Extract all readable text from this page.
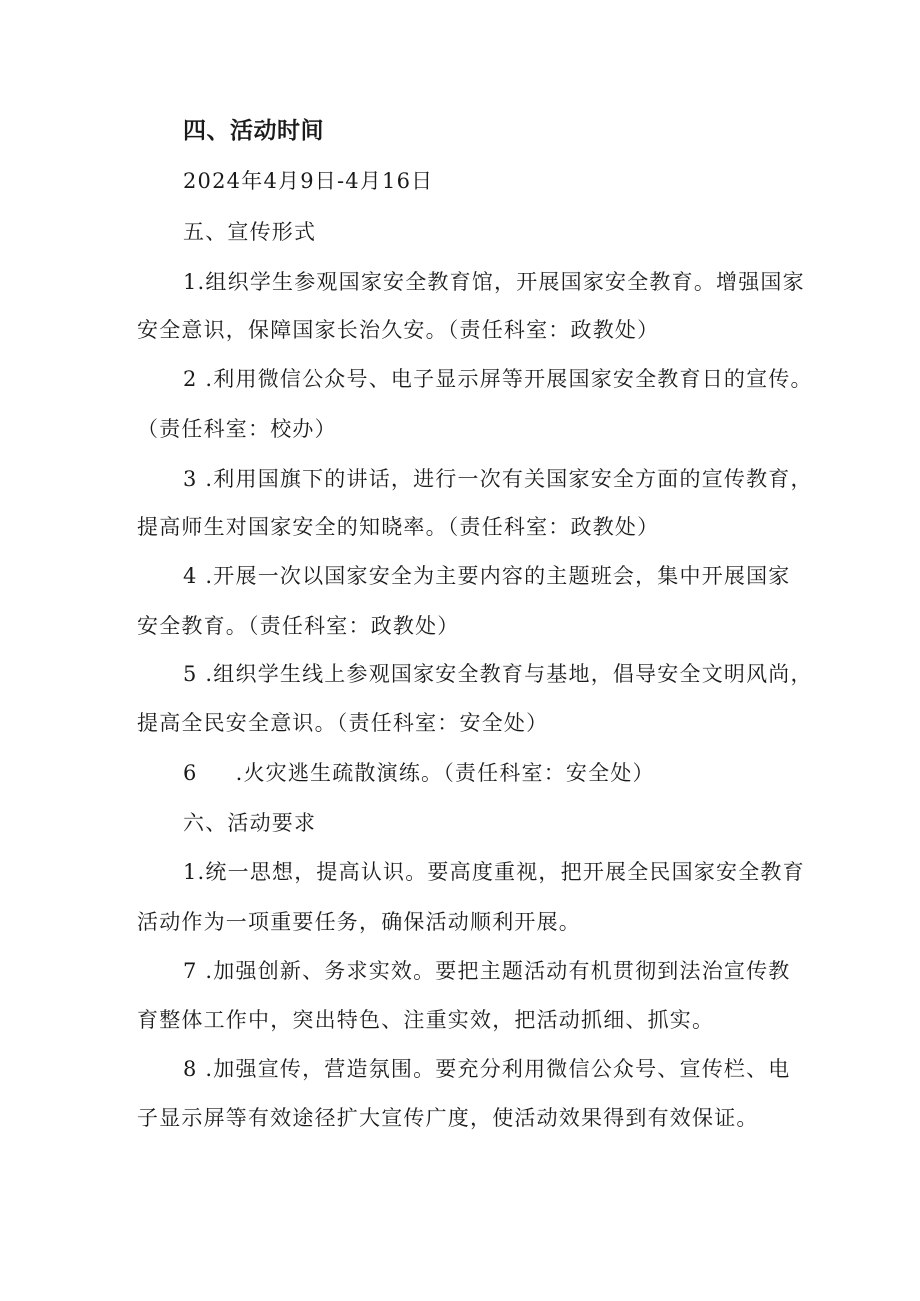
四、活动时间
2024年4月9日-4月16日
五、宣传形式
1.组织学生参观国家安全教育馆，开展国家安全教育。增强国家
安全意识，保障国家长治久安。（责任科室：政教处）
2 .利用微信公众号、电子显示屏等开展国家安全教育日的宣传。
（责任科室：校办）
3 .利用国旗下的讲话，进行一次有关国家安全方面的宣传教育，
提高师生对国家安全的知晓率。（责任科室：政教处）
4 .开展一次以国家安全为主要内容的主题班会，集中开展国家
安全教育。（责任科室：政教处）
5 .组织学生线上参观国家安全教育与基地，倡导安全文明风尚，
提高全民安全意识。（责任科室：安全处）
6 .火灾逃生疏散演练。（责任科室：安全处）
六、活动要求
1.统一思想，提高认识。要高度重视，把开展全民国家安全教育
活动作为一项重要任务，确保活动顺利开展。
7 .加强创新、务求实效。要把主题活动有机贯彻到法治宣传教
育整体工作中，突出特色、注重实效，把活动抓细、抓实。
8 .加强宣传，营造氛围。要充分利用微信公众号、宣传栏、电
子显示屏等有效途径扩大宣传广度，使活动效果得到有效保证。
